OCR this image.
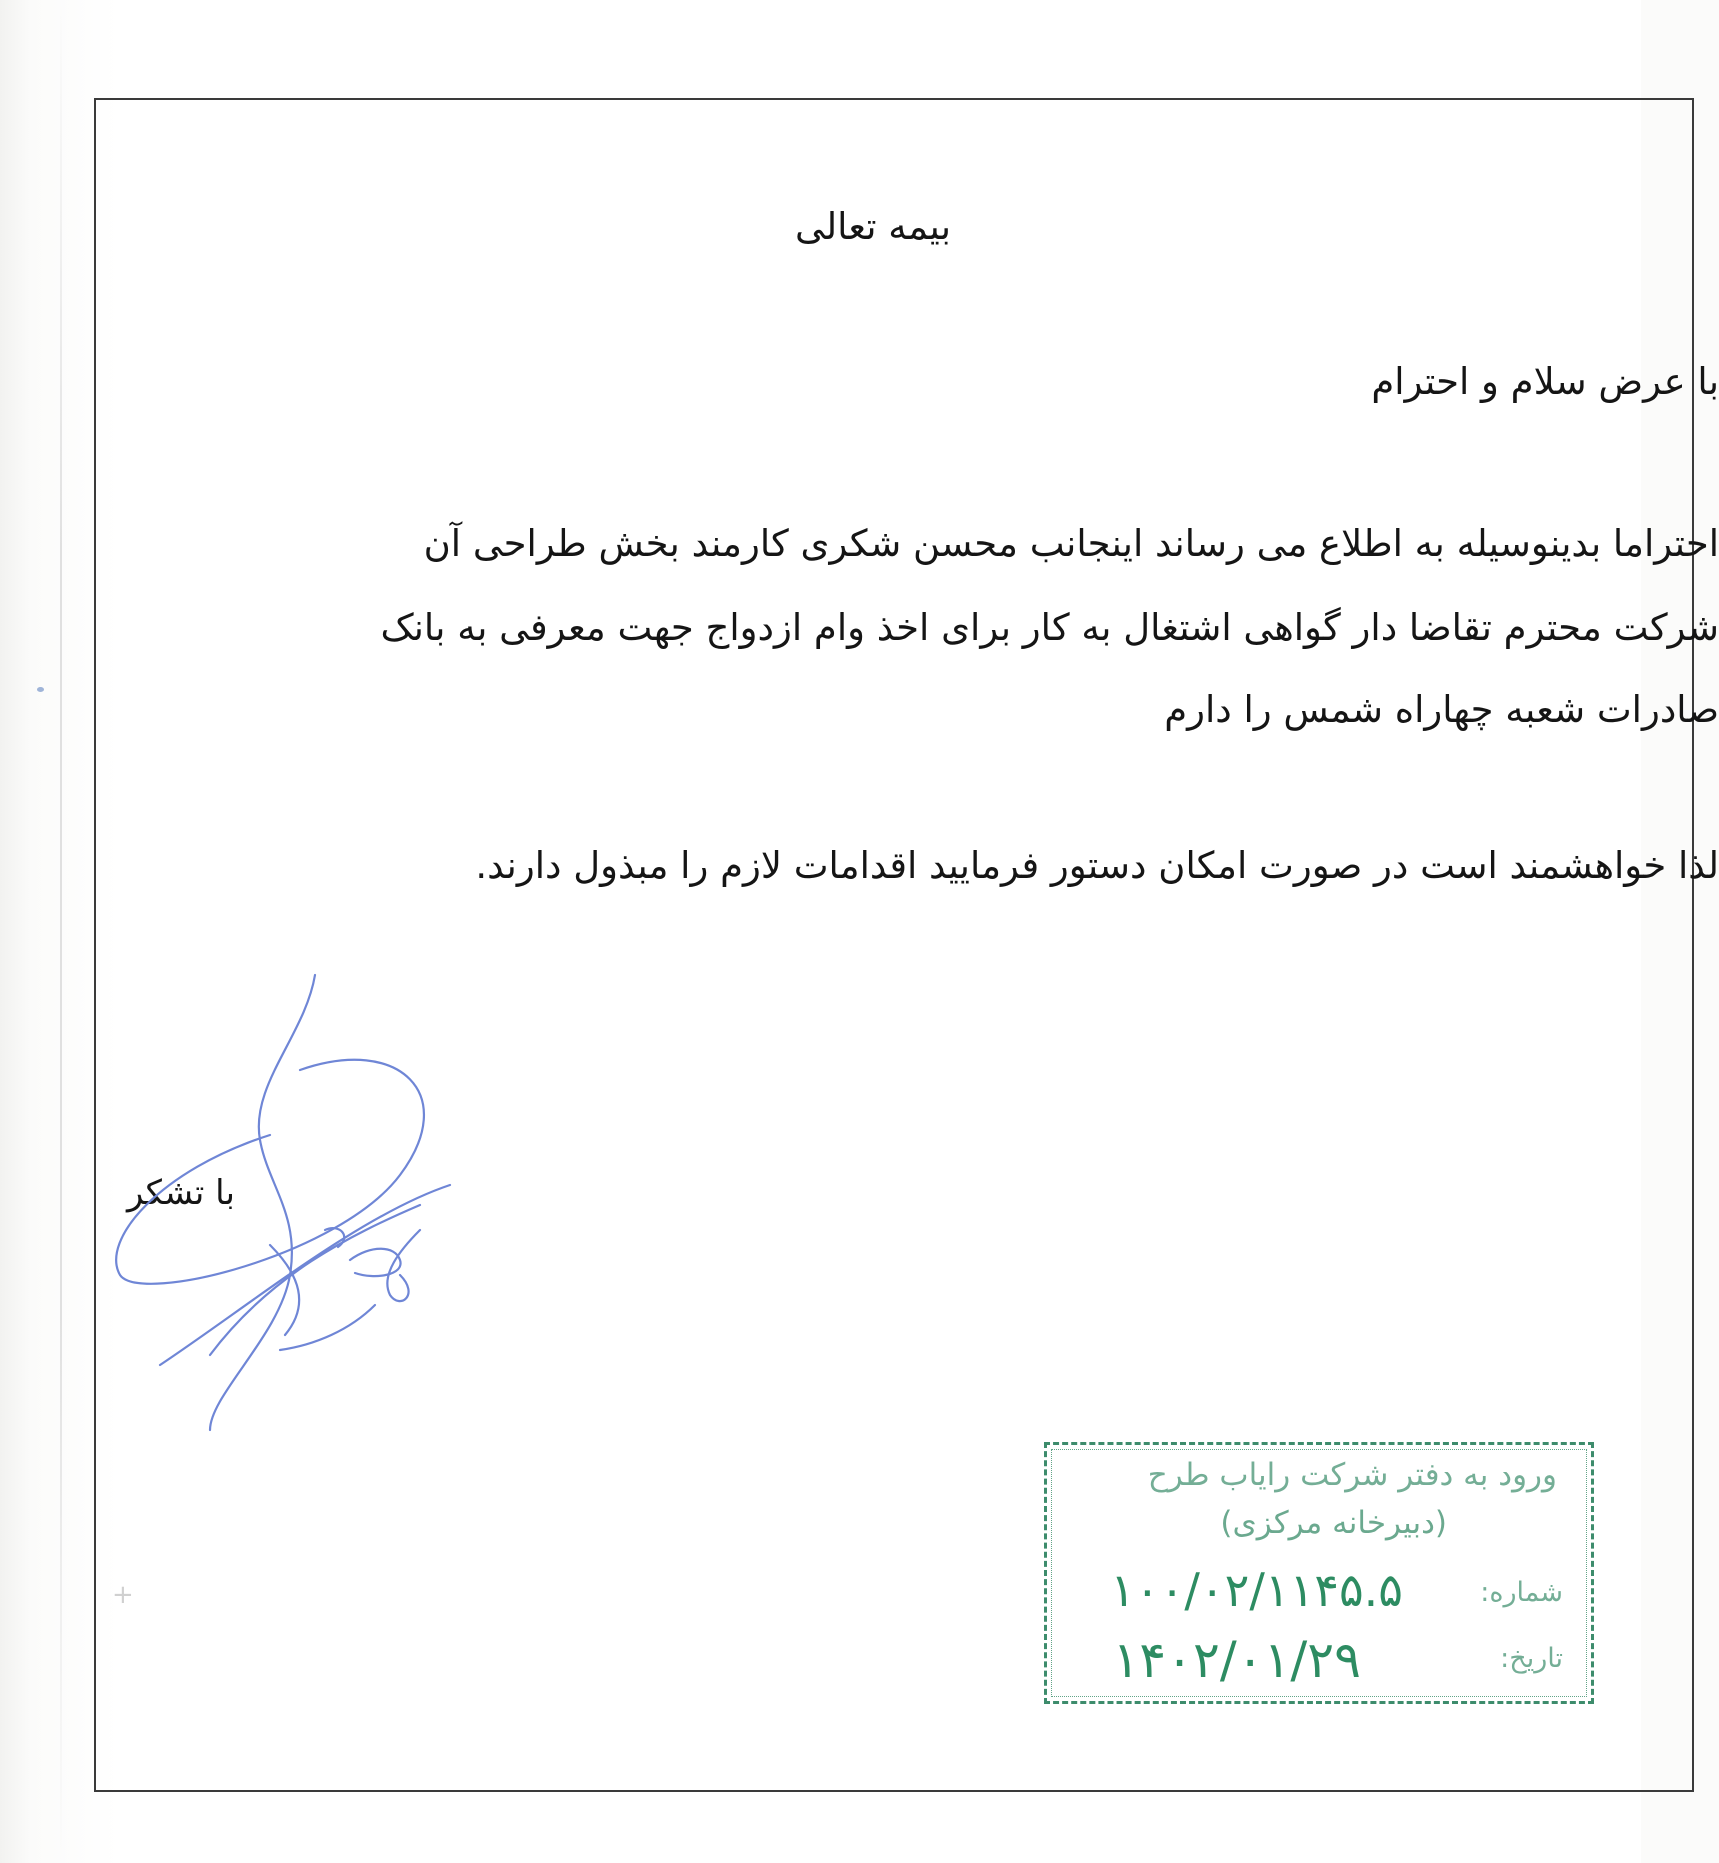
بیمه تعالی
با عرض سلام و احترام
احتراما بدینوسیله به اطلاع می رساند اینجانب محسن شکری کارمند بخش طراحی آن
شرکت محترم تقاضا دار گواهی اشتغال به کار برای اخذ وام ازدواج جهت معرفی به بانک
صادرات شعبه چهاراه شمس را دارم
لذا خواهشمند است در صورت امکان دستور فرمایید اقدامات لازم را مبذول دارند.
با تشکر
ورود به دفتر شرکت رایاب طرح
(دبیرخانه مرکزی)
شماره:
۱۰۰/۰۲/۱۱۴۵.۵
تاریخ:
۱۴۰۲/۰۱/۲۹
+
